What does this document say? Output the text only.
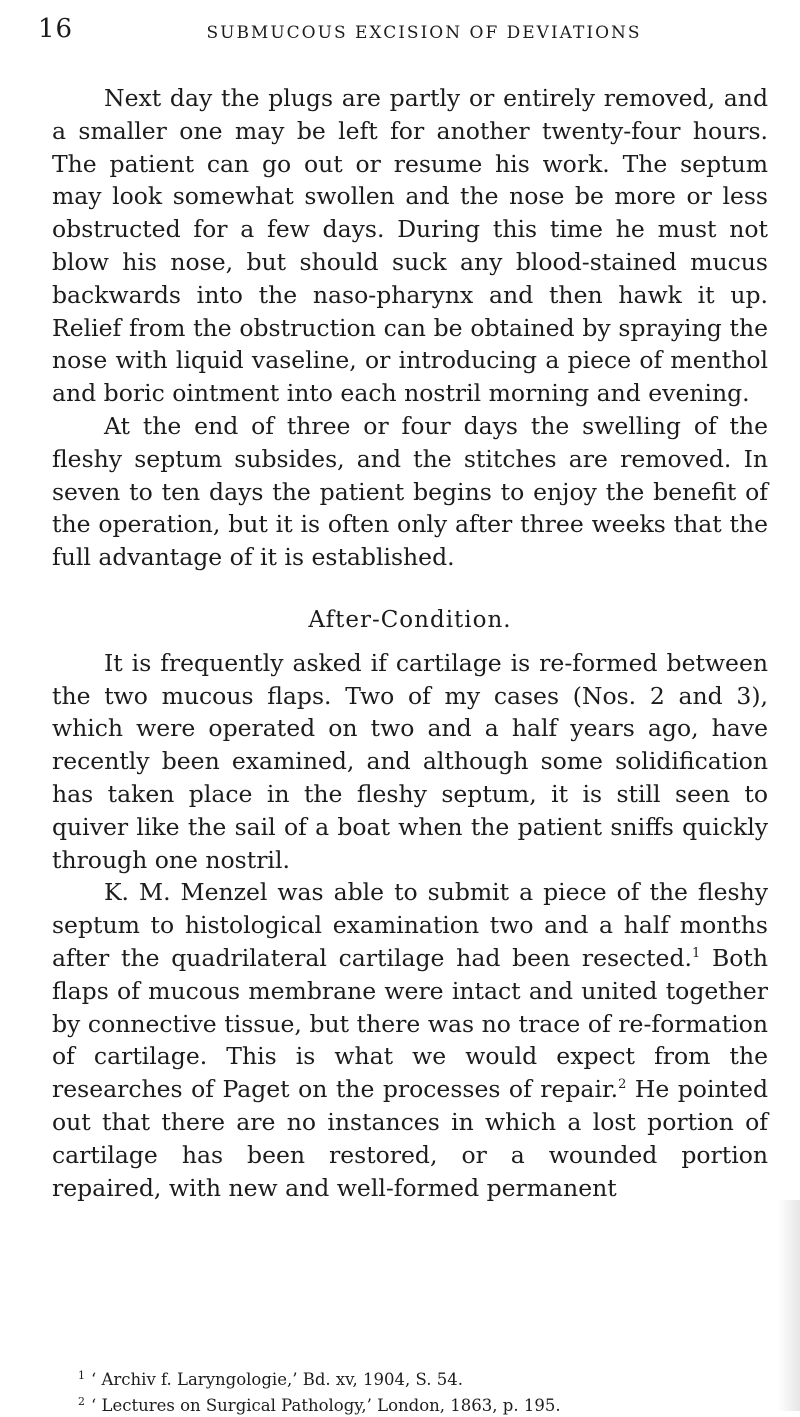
16	SUBMUCOUS EXCISION OF DEVIATIONS

Next day the plugs are partly or entirely removed, and a smaller one may be left for another twenty-four hours. The patient can go out or resume his work. The septum may look somewhat swollen and the nose be more or less obstructed for a few days. During this time he must not blow his nose, but should suck any blood-stained mucus backwards into the naso-pharynx and then hawk it up. Relief from the obstruction can be obtained by spraying the nose with liquid vaseline, or introducing a piece of menthol and boric ointment into each nostril morning and evening.

At the end of three or four days the swelling of the fleshy septum subsides, and the stitches are removed. In seven to ten days the patient begins to enjoy the benefit of the operation, but it is often only after three weeks that the full advantage of it is established.

After-Condition.

It is frequently asked if cartilage is re-formed between the two mucous flaps. Two of my cases (Nos. 2 and 3), which were operated on two and a half years ago, have recently been examined, and although some solidification has taken place in the fleshy septum, it is still seen to quiver like the sail of a boat when the patient sniffs quickly through one nostril.

K. M. Menzel was able to submit a piece of the fleshy septum to histological examination two and a half months after the quadrilateral cartilage had been resected.$^1$ Both flaps of mucous membrane were intact and united together by connective tissue, but there was no trace of re-formation of cartilage. This is what we would expect from the researches of Paget on the processes of repair.$^2$ He pointed out that there are no instances in which a lost portion of cartilage has been restored, or a wounded portion repaired, with new and well-formed permanent

$^1$ ‘ Archiv f. Laryngologie,’ Bd. xv, 1904, S. 54.

$^2$ ‘ Lectures on Surgical Pathology,’ London, 1863, p. 195.
